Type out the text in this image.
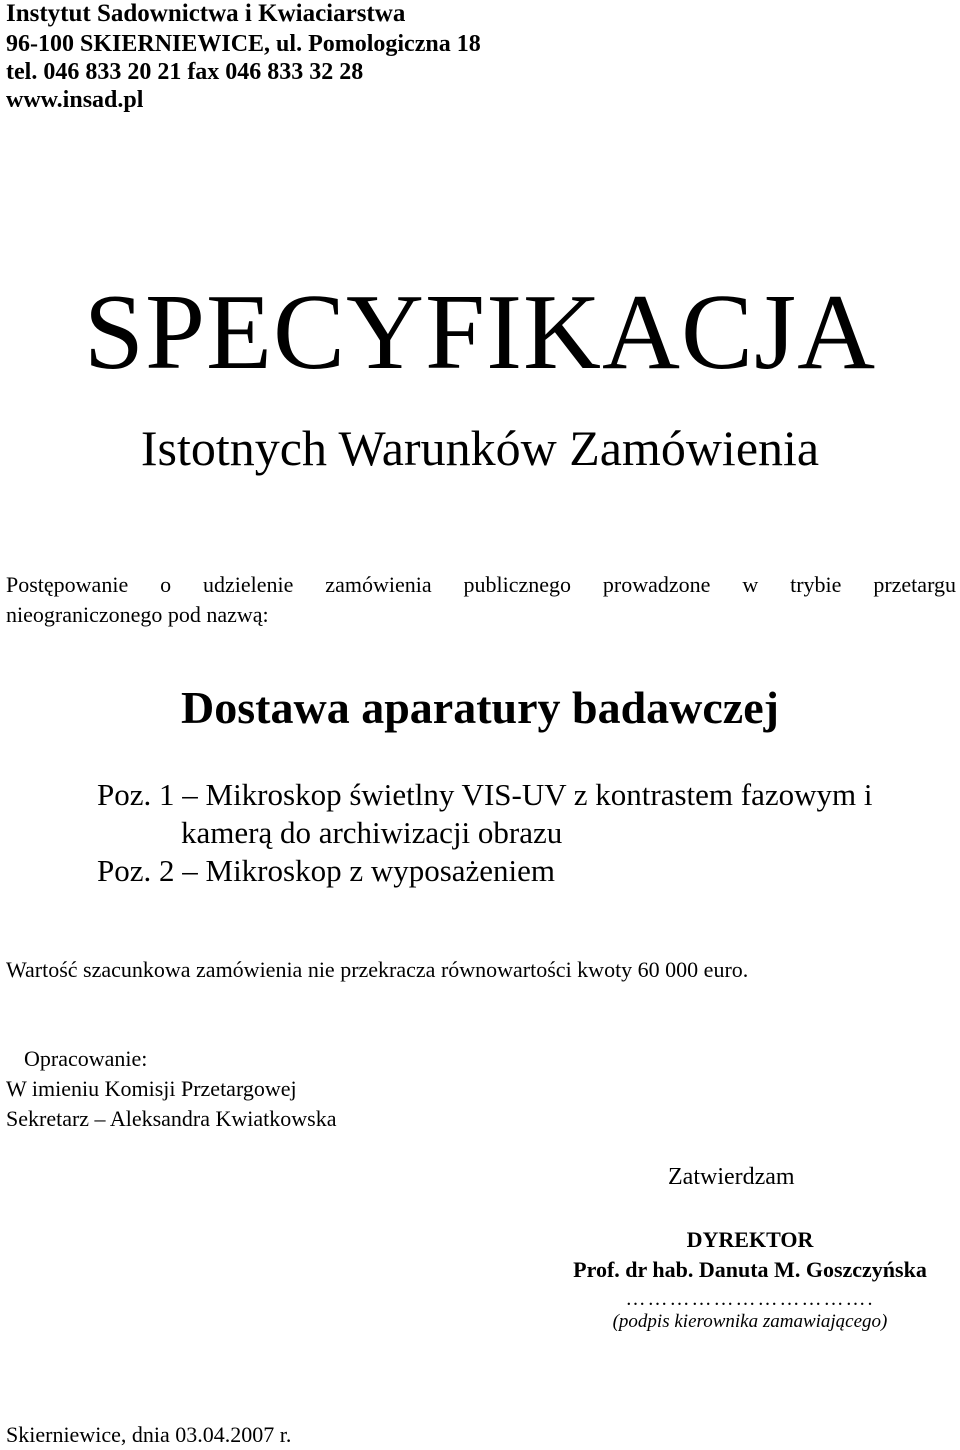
Instytut Sadownictwa i Kwiaciarstwa
96-100 SKIERNIEWICE, ul. Pomologiczna 18
tel. 046 833 20 21 fax 046 833 32 28
www.insad.pl
SPECYFIKACJA
Istotnych Warunków Zamówienia
Postępowanie o udzielenie zamówienia publicznego prowadzone w trybie przetargu
nieograniczonego pod nazwą:
Dostawa aparatury badawczej
Poz. 1 – Mikroskop świetlny VIS-UV z kontrastem fazowym i
kamerą do archiwizacji obrazu
Poz. 2 – Mikroskop z wyposażeniem
Wartość szacunkowa zamówienia nie przekracza równowartości kwoty 60 000 euro.
Opracowanie:
W imieniu Komisji Przetargowej
Sekretarz – Aleksandra Kwiatkowska
Zatwierdzam
DYREKTOR
Prof. dr hab. Danuta M. Goszczyńska
…………………………….
(podpis kierownika zamawiającego)
Skierniewice, dnia 03.04.2007 r.
